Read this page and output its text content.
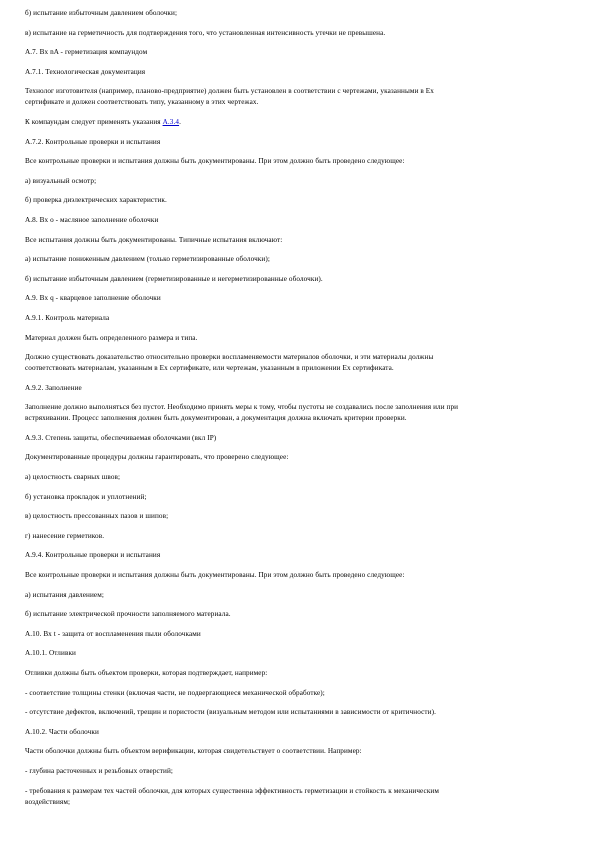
б) испытание избыточным давлением оболочки;

в) испытание на герметичность для подтверждения того, что установленная интенсивность утечки не превышена.

А.7. Вх nA - герметизация компаундом

А.7.1. Технологическая документация

Технолог изготовителя (например, планово-предприятие) должен быть установлен в соответствии с чертежами, указанными в Ex
сертификате и должен соответствовать типу, указанному в этих чертежах.

К компаундам следует применять указания А.3.4.

А.7.2. Контрольные проверки и испытания

Все контрольные проверки и испытания должны быть документированы. При этом должно быть проведено следующее:

а) визуальный осмотр;

б) проверка диэлектрических характеристик.

А.8. Вх o - масляное заполнение оболочки

Все испытания должны быть документированы. Типичные испытания включают:

а) испытание пониженным давлением (только герметизированные оболочки);

б) испытание избыточным давлением (герметизированные и негерметизированные оболочки).

А.9. Вх q - кварцевое заполнение оболочки

А.9.1. Контроль материала

Материал должен быть определенного размера и типа.

Должно существовать доказательство относительно проверки воспламеняемости материалов оболочки, и эти материалы должны
соответствовать материалам, указанным в Ex сертификате, или чертежам, указанным в приложении Ex сертификата.

А.9.2. Заполнение

Заполнение должно выполняться без пустот. Необходимо принять меры к тому, чтобы пустоты не создавались после заполнения или при
встряхивании. Процесс заполнения должен быть документирован, а документация должна включать критерии проверки.

А.9.3. Степень защиты, обеспечиваемая оболочками (вкл IP)

Документированные процедуры должны гарантировать, что проверено следующее:

а) целостность сварных швов;

б) установка прокладок и уплотнений;

в) целостность прессованных пазов и шипов;

г) нанесение герметиков.

А.9.4. Контрольные проверки и испытания

Все контрольные проверки и испытания должны быть документированы. При этом должно быть проведено следующее:

а) испытания давлением;

б) испытание электрической прочности заполняемого материала.

А.10. Вх t - защита от воспламенения пыли оболочками

А.10.1. Отливки

Отливки должны быть объектом проверки, которая подтверждает, например:

- соответствие толщины стенки (включая части, не подвергающиеся механической обработке);

- отсутствие дефектов, включений, трещин и пористости (визуальным методом или испытаниями в зависимости от критичности).

А.10.2. Части оболочки

Части оболочки должны быть объектом верификации, которая свидетельствует о соответствии. Например:

- глубина расточенных и резьбовых отверстий;

- требования к размерам тех частей оболочки, для которых существенна эффективность герметизации и стойкость к механическим
воздействиям;
